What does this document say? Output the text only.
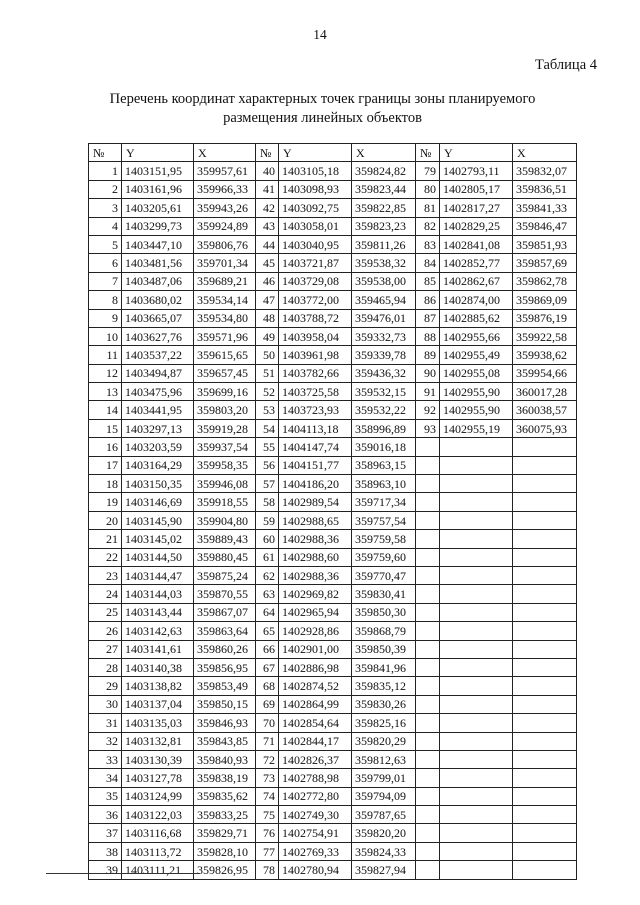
14
Таблица 4
Перечень координат характерных точек границы зоны планируемого
размещения линейных объектов
№	Y	X	№	Y	X	№	Y	X
1	1403151,95	359957,61	40	1403105,18	359824,82	79	1402793,11	359832,07
2	1403161,96	359966,33	41	1403098,93	359823,44	80	1402805,17	359836,51
3	1403205,61	359943,26	42	1403092,75	359822,85	81	1402817,27	359841,33
4	1403299,73	359924,89	43	1403058,01	359823,23	82	1402829,25	359846,47
5	1403447,10	359806,76	44	1403040,95	359811,26	83	1402841,08	359851,93
6	1403481,56	359701,34	45	1403721,87	359538,32	84	1402852,77	359857,69
7	1403487,06	359689,21	46	1403729,08	359538,00	85	1402862,67	359862,78
8	1403680,02	359534,14	47	1403772,00	359465,94	86	1402874,00	359869,09
9	1403665,07	359534,80	48	1403788,72	359476,01	87	1402885,62	359876,19
10	1403627,76	359571,96	49	1403958,04	359332,73	88	1402955,66	359922,58
11	1403537,22	359615,65	50	1403961,98	359339,78	89	1402955,49	359938,62
12	1403494,87	359657,45	51	1403782,66	359436,32	90	1402955,08	359954,66
13	1403475,96	359699,16	52	1403725,58	359532,15	91	1402955,90	360017,28
14	1403441,95	359803,20	53	1403723,93	359532,22	92	1402955,90	360038,57
15	1403297,13	359919,28	54	1404113,18	358996,89	93	1402955,19	360075,93
16	1403203,59	359937,54	55	1404147,74	359016,18			
17	1403164,29	359958,35	56	1404151,77	358963,15			
18	1403150,35	359946,08	57	1404186,20	358963,10			
19	1403146,69	359918,55	58	1402989,54	359717,34			
20	1403145,90	359904,80	59	1402988,65	359757,54			
21	1403145,02	359889,43	60	1402988,36	359759,58			
22	1403144,50	359880,45	61	1402988,60	359759,60			
23	1403144,47	359875,24	62	1402988,36	359770,47			
24	1403144,03	359870,55	63	1402969,82	359830,41			
25	1403143,44	359867,07	64	1402965,94	359850,30			
26	1403142,63	359863,64	65	1402928,86	359868,79			
27	1403141,61	359860,26	66	1402901,00	359850,39			
28	1403140,38	359856,95	67	1402886,98	359841,96			
29	1403138,82	359853,49	68	1402874,52	359835,12			
30	1403137,04	359850,15	69	1402864,99	359830,26			
31	1403135,03	359846,93	70	1402854,64	359825,16			
32	1403132,81	359843,85	71	1402844,17	359820,29			
33	1403130,39	359840,93	72	1402826,37	359812,63			
34	1403127,78	359838,19	73	1402788,98	359799,01			
35	1403124,99	359835,62	74	1402772,80	359794,09			
36	1403122,03	359833,25	75	1402749,30	359787,65			
37	1403116,68	359829,71	76	1402754,91	359820,20			
38	1403113,72	359828,10	77	1402769,33	359824,33			
39	1403111,21	359826,95	78	1402780,94	359827,94			
